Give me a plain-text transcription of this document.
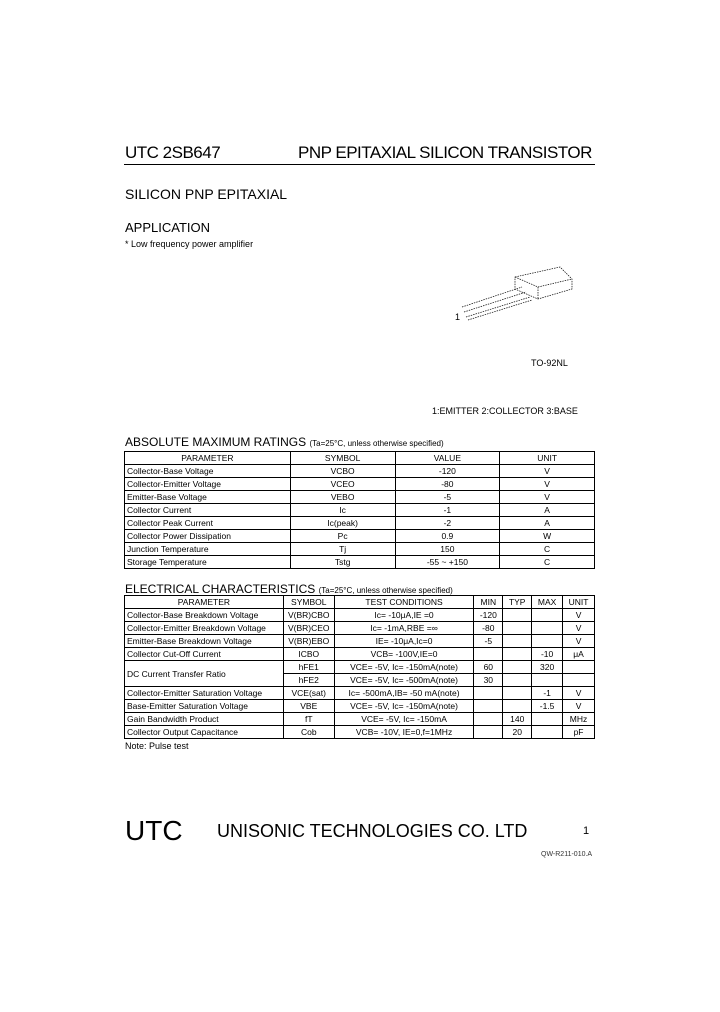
UTC 2SB647	PNP EPITAXIAL SILICON TRANSISTOR
SILICON PNP EPITAXIAL
APPLICATION
* Low frequency power amplifier
1
TO-92NL
1:EMITTER 2:COLLECTOR 3:BASE
ABSOLUTE MAXIMUM RATINGS (Ta=25°C, unless otherwise specified)
PARAMETER	SYMBOL	VALUE	UNIT
Collector-Base Voltage	VCBO	-120	V
Collector-Emitter Voltage	VCEO	-80	V
Emitter-Base Voltage	VEBO	-5	V
Collector Current	Ic	-1	A
Collector Peak Current	Ic(peak)	-2	A
Collector Power Dissipation	Pc	0.9	W
Junction Temperature	Tj	150	C
Storage Temperature	Tstg	-55 ~ +150	C
ELECTRICAL CHARACTERISTICS (Ta=25°C, unless otherwise specified)
PARAMETER	SYMBOL	TEST CONDITIONS	MIN	TYP	MAX	UNIT
Collector-Base Breakdown Voltage	V(BR)CBO	Ic= -10μA,IE =0	-120			V
Collector-Emitter Breakdown Voltage	V(BR)CEO	Ic= -1mA,RBE =∞	-80			V
Emitter-Base Breakdown Voltage	V(BR)EBO	IE= -10μA,Ic=0	-5			V
Collector Cut-Off Current	ICBO	VCB= -100V,IE=0			-10	μA
DC Current Transfer Ratio	hFE1	VCE= -5V, Ic= -150mA(note)	60		320	
	hFE2	VCE= -5V, Ic= -500mA(note)	30			
Collector-Emitter Saturation Voltage	VCE(sat)	Ic= -500mA,IB= -50 mA(note)			-1	V
Base-Emitter Saturation Voltage	VBE	VCE= -5V, Ic= -150mA(note)			-1.5	V
Gain Bandwidth Product	fT	VCE= -5V, Ic= -150mA		140		MHz
Collector Output Capacitance	Cob	VCB= -10V, IE=0,f=1MHz		20		pF
Note: Pulse test
UTC UNISONIC TECHNOLOGIES CO. LTD	1
QW-R211-010.A
